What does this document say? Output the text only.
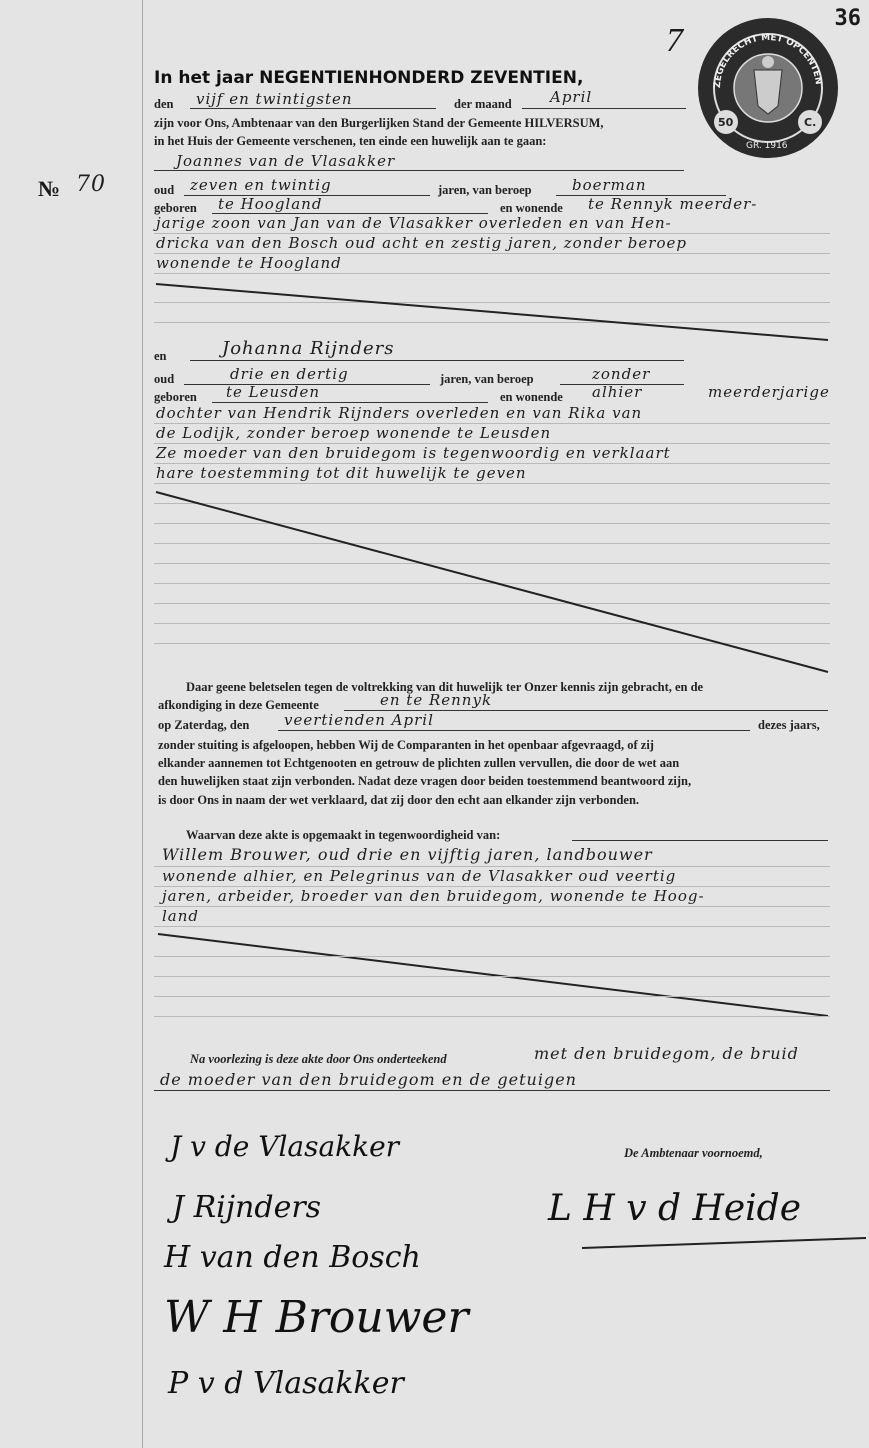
36
7
№ 70
ZEGELRECHT MET OPCENTEN
50	C.
GR. 1916
In het jaar NEGENTIENHONDERD ZEVENTIEN,
den vijf en twintigsten	der maand	April
zijn voor Ons, Ambtenaar van den Burgerlijken Stand der Gemeente HILVERSUM,
in het Huis der Gemeente verschenen, ten einde een huwelijk aan te gaan:
Joannes van de Vlasakker
oud zeven en twintig	jaren, van beroep	boerman
geboren te Hoogland	en wonende te Rennyk meerder-
jarige zoon van Jan van de Vlasakker overleden en van Hen-
dricka van den Bosch oud acht en zestig jaren, zonder beroep
wonende te Hoogland
en	Johanna Rijnders
oud	drie en dertig	jaren, van beroep	zonder
geboren te Leusden	en wonende alhier	meerderjarige
dochter van Hendrik Rijnders overleden en van Rika van
de Lodijk, zonder beroep wonende te Leusden
Ze moeder van den bruidegom is tegenwoordig en verklaart
hare toestemming tot dit huwelijk te geven
Daar geene beletselen tegen de voltrekking van dit huwelijk ter Onzer kennis zijn gebracht, en de
afkondiging in deze Gemeente	en te Rennyk
op Zaterdag, den veertienden April	dezes jaars,
zonder stuiting is afgeloopen, hebben Wij de Comparanten in het openbaar afgevraagd, of zij
elkander aannemen tot Echtgenooten en getrouw de plichten zullen vervullen, die door de wet aan
den huwelijken staat zijn verbonden. Nadat deze vragen door beiden toestemmend beantwoord zijn,
is door Ons in naam der wet verklaard, dat zij door den echt aan elkander zijn verbonden.
Waarvan deze akte is opgemaakt in tegenwoordigheid van:
Willem Brouwer, oud drie en vijftig jaren, landbouwer
wonende alhier, en Pelegrinus van de Vlasakker oud veertig
jaren, arbeider, broeder van den bruidegom, wonende te Hoog-
land
Na voorlezing is deze akte door Ons onderteekend	met den bruidegom, de bruid
de moeder van den bruidegom en de getuigen
De Ambtenaar voornoemd,
J v de Vlasakker
J Rijnders
H van den Bosch
W H Brouwer
P v d Vlasakker
L H v d Heide
